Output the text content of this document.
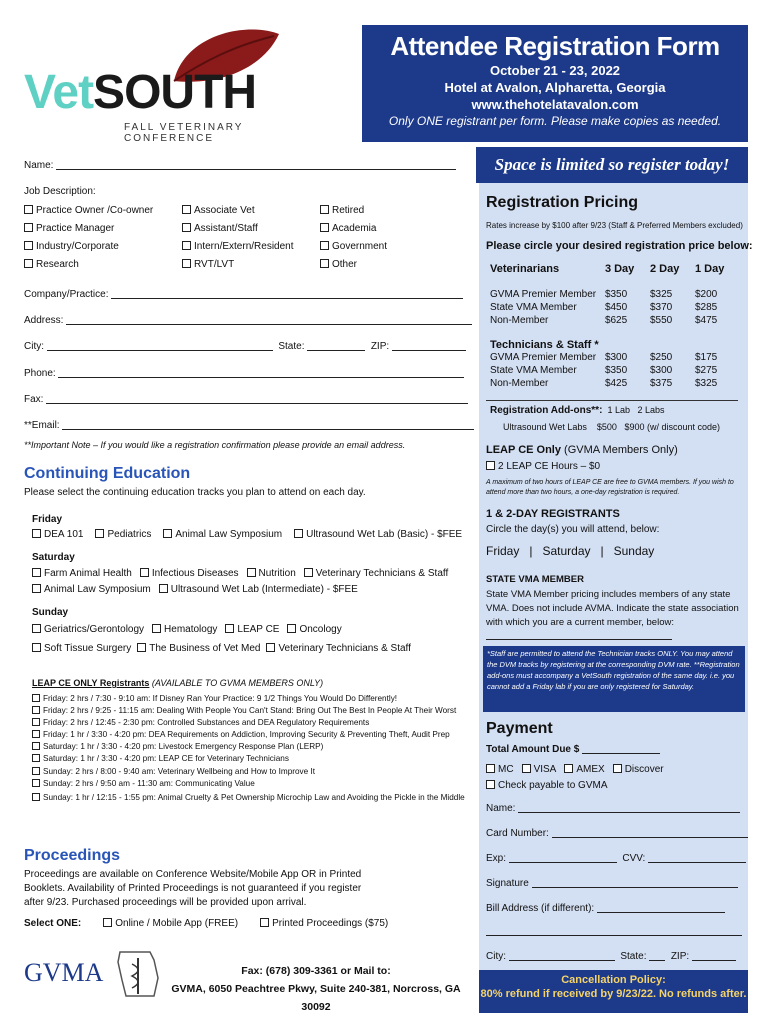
VetSOUTH
FALL VETERINARY CONFERENCE
Attendee Registration Form
October 21 - 23, 2022
Hotel at Avalon, Alpharetta, Georgia
www.thehotelatavalon.com
Only ONE registrant per form. Please make copies as needed.
Space is limited so register today!
Name:
Job Description:
Practice Owner /Co-owner	Associate Vet	Retired
Practice Manager	Assistant/Staff	Academia
Industry/Corporate	Intern/Extern/Resident	Government
Research	RVT/LVT	Other
Company/Practice:
Address:
City:	State:	ZIP:
Phone:
Fax:
**Email:
**Important Note – If you would like a registration confirmation please provide an email address.
Continuing Education
Please select the continuing education tracks you plan to attend on each day.
Friday
DEA 101	Pediatrics	Animal Law Symposium	Ultrasound Wet Lab (Basic) - $FEE
Saturday
Farm Animal Health	Infectious Diseases	Nutrition	Veterinary Technicians & Staff
Animal Law Symposium	Ultrasound Wet Lab (Intermediate) - $FEE
Sunday
Geriatrics/Gerontology	Hematology	LEAP CE	Oncology
Soft Tissue Surgery	The Business of Vet Med	Veterinary Technicians & Staff
LEAP CE ONLY Registrants (AVAILABLE TO GVMA MEMBERS ONLY)
Friday: 2 hrs / 7:30 - 9:10 am: If Disney Ran Your Practice: 9 1/2 Things You Would Do Differently!
Friday: 2 hrs / 9:25 - 11:15 am: Dealing With People You Can't Stand: Bring Out The Best In People At Their Worst
Friday: 2 hrs / 12:45 - 2:30 pm: Controlled Substances and DEA Regulatory Requirements
Friday: 1 hr / 3:30 - 4:20 pm: DEA Requirements on Addiction, Improving Security & Preventing Theft, Audit Prep
Saturday: 1 hr / 3:30 - 4:20 pm: Livestock Emergency Response Plan (LERP)
Saturday: 1 hr / 3:30 - 4:20 pm: LEAP CE for Veterinary Technicians
Sunday: 2 hrs / 8:00 - 9:40 am: Veterinary Wellbeing and How to Improve It
Sunday: 2 hrs / 9:50 am - 11:30 am: Communicating Value
Sunday: 1 hr / 12:15 - 1:55 pm: Animal Cruelty & Pet Ownership Microchip Law and Avoiding the Pickle in the Middle
Proceedings
Proceedings are available on Conference Website/Mobile App OR in Printed
Booklets. Availability of Printed Proceedings is not guaranteed if you register
after 9/23. Purchased proceedings will be provided upon arrival.
Select ONE:	Online / Mobile App (FREE)	Printed Proceedings ($75)
GVMA	Fax: (678) 309-3361 or Mail to:
GVMA, 6050 Peachtree Pkwy, Suite 240-381, Norcross, GA 30092
Registration Pricing
Rates increase by $100 after 9/23 (Staff & Preferred Members excluded)
Please circle your desired registration price below:
Veterinarians	3 Day	2 Day	1 Day
GVMA Premier Member $350	$325	$200
State VMA Member	$450	$370	$285
Non-Member	$625	$550	$475
Technicians & Staff *
GVMA Premier Member $300	$250	$175
State VMA Member	$350	$300	$275
Non-Member	$425	$375	$325
Registration Add-ons**: 1 Lab 2 Labs
Ultrasound Wet Labs $500 $900 (w/ discount code)
LEAP CE Only (GVMA Members Only)
2 LEAP CE Hours – $0
A maximum of two hours of LEAP CE are free to GVMA members. If you wish to attend more than two hours, a one-day registration is required.
1 & 2-DAY REGISTRANTS
Circle the day(s) you will attend, below:
Friday   |   Saturday   |   Sunday
STATE VMA MEMBER
State VMA Member pricing includes members of any state VMA. Does not include AVMA. Indicate the state association with which you are a current member, below:
*Staff are permitted to attend the Technician tracks ONLY. You may attend the DVM tracks by registering at the corresponding DVM rate. **Registration add-ons must accompany a VetSouth registration of the same day. i.e. you cannot add a Friday lab if you are only registered for Saturday.
Payment
Total Amount Due $
MC	VISA	AMEX	Discover
Check payable to GVMA
Name:
Card Number:
Exp:	CVV:
Signature
Bill Address (if different):
City:	State: ZIP:
Cancellation Policy:
80% refund if received by 9/23/22. No refunds after.
